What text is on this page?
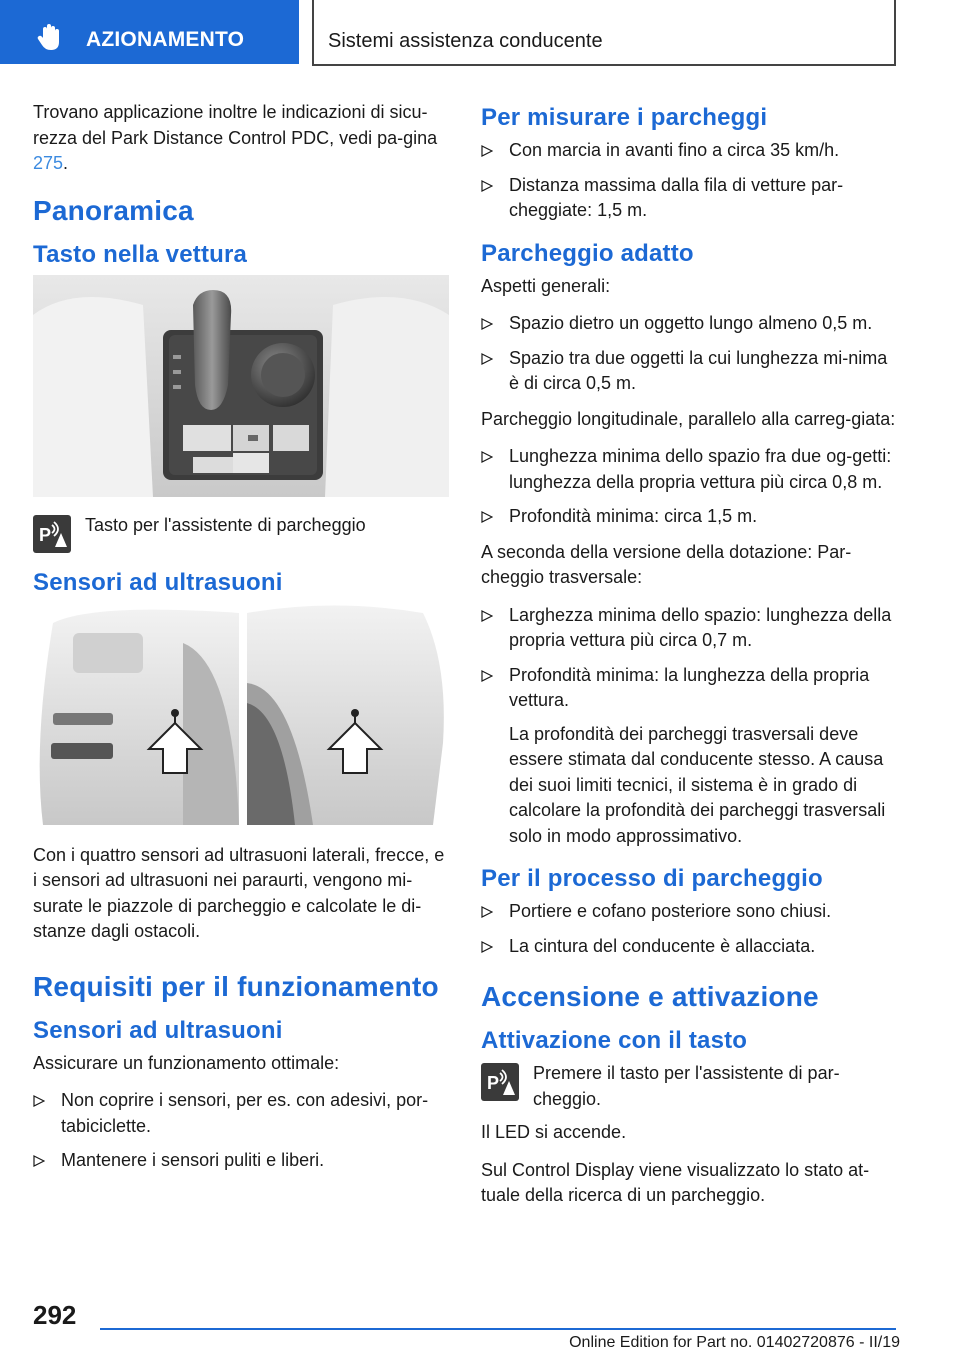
AZIONAMENTO	Sistemi assistenza conducente

Trovano applicazione inoltre le indicazioni di sicu-rezza del Park Distance Control PDC, vedi pa-gina 275.

Panoramica
Tasto nella vettura
P Tasto per l'assistente di parcheggio
Sensori ad ultrasuoni

Con i quattro sensori ad ultrasuoni laterali, frecce, e i sensori ad ultrasuoni nei paraurti, vengono mi-surate le piazzole di parcheggio e calcolate le di-stanze dagli ostacoli.

Requisiti per il funzionamento
Sensori ad ultrasuoni

Assicurare un funzionamento ottimale:

Non coprire i sensori, per es. con adesivi, por-tabiciclette.
Mantenere i sensori puliti e liberi.
Per misurare i parcheggi
Con marcia in avanti fino a circa 35 km/h.
Distanza massima dalla fila di vetture par-cheggiate: 1,5 m.
Parcheggio adatto

Aspetti generali:

Spazio dietro un oggetto lungo almeno 0,5 m.
Spazio tra due oggetti la cui lunghezza mi-nima è di circa 0,5 m.

Parcheggio longitudinale, parallelo alla carreg-giata:

Lunghezza minima dello spazio fra due og-getti: lunghezza della propria vettura più circa 0,8 m.
Profondità minima: circa 1,5 m.

A seconda della versione della dotazione: Par-cheggio trasversale:

Larghezza minima dello spazio: lunghezza della propria vettura più circa 0,7 m.
Profondità minima: la lunghezza della propria vettura.
La profondità dei parcheggi trasversali deve essere stimata dal conducente stesso. A causa dei suoi limiti tecnici, il sistema è in grado di calcolare la profondità dei parcheggi trasversali solo in modo approssimativo.
Per il processo di parcheggio
Portiere e cofano posteriore sono chiusi.
La cintura del conducente è allacciata.
Accensione e attivazione
Attivazione con il tasto
P Premere il tasto per l'assistente di par-cheggio.

Il LED si accende.

Sul Control Display viene visualizzato lo stato at-tuale della ricerca di un parcheggio.

292
Online Edition for Part no. 01402720876 - II/19
